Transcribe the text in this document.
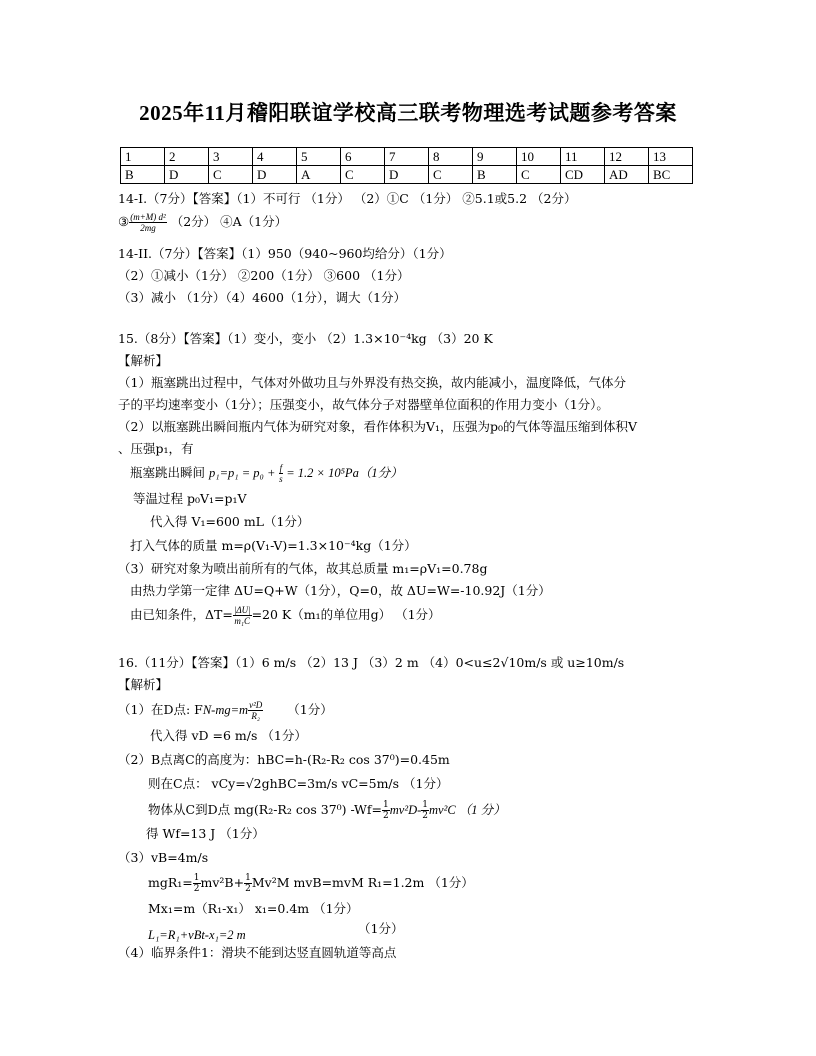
2025年11月稽阳联谊学校高三联考物理选考试题参考答案
1	2	3	4	5	6	7	8	9	10	11	12	13
B	D	C	D	A	C	D	C	B	C	CD	AD	BC
14-I.（7分）【答案】（1）不可行 （1分） （2）①C （1分） ②5.1或5.2 （2分）
③ $\frac{\text{(m+M) d²}}{2mg} (2$分） ④A（1分）
14-II.（7分）【答案】（1）950（940~960均给分）（1分）
（2）①减小（1分） ②200（1分） ③600 （1分）
（3）减小 （1分）（4）4600（1分），调大（1分）
15.（8分）【答案】（1）变小，变小 （2）1.3×10⁻⁴kg （3）20 K
【解析】
（1）瓶塞跳出过程中，气体对外做功且与外界没有热交换，故内能减小，温度降低，气体分
子的平均速率变小（1分）；压强变小，故气体分子对器壁单位面积的作用力变小（1分）。
（2）以瓶塞跳出瞬间瓶内气体为研究对象，看作体积为V₁，压强为p₀的气体等温压缩到体积V
、压强p₁，有
瓶塞跳出瞬间 $p_1=p_1 = p_0 + \frac{f}{s} = 1.2 \times 10^5Pa(1$分）
等温过程 p₀V₁=p₁V
代入得 V₁=600 mL（1分）
打入气体的质量 m=ρ(V₁-V)=1.3×10⁻⁴kg（1分）
（3）研究对象为喷出前所有的气体，故其总质量 m₁=ρV₁=0.78g
由热力学第一定律 ΔU=Q+W（1分），Q=0，故 ΔU=W=-10.92J（1分）
由已知条件，$\Delta T= \frac{|\Delta U|}{\text{m₁C}} =20$ K（m₁的单位用g） （1分）
16.（11分）【答案】（1）6 m/s （2）13 J （3）2 m （4）0<u≤2√10m/s 或 u≥10m/s
【解析】
（1）在D点: $FN-mg=m \frac{\text{v²D}}{\text{R₂}} (1$分）
代入得 vD =6 m/s （1分）
（2）B点离C的高度为：hBC=h-(R₂-R₂ cos 37⁰)=0.45m
则在C点： vCy=√2ghBC=3m/s vC=5m/s （1分）
物体从C到D点 mg(R₂-R₂ cos 37⁰) $-Wf= \frac{1}{2} mv^2D- \frac{1}{2} mv^2C$ （1 分）
得 Wf=13 J （1分）
（3）vB=4m/s
$mgR_1= \frac{1}{2} mv^2B+ \frac{1}{2} Mv^2M$ mvB=mvM R₁=1.2m （1分）
Mx₁=m（R₁-x₁） x₁=0.4m （1分）
（1分）
L₁=R₁+vBt-x₁=2 m
（4）临界条件1：滑块不能到达竖直圆轨道等高点
